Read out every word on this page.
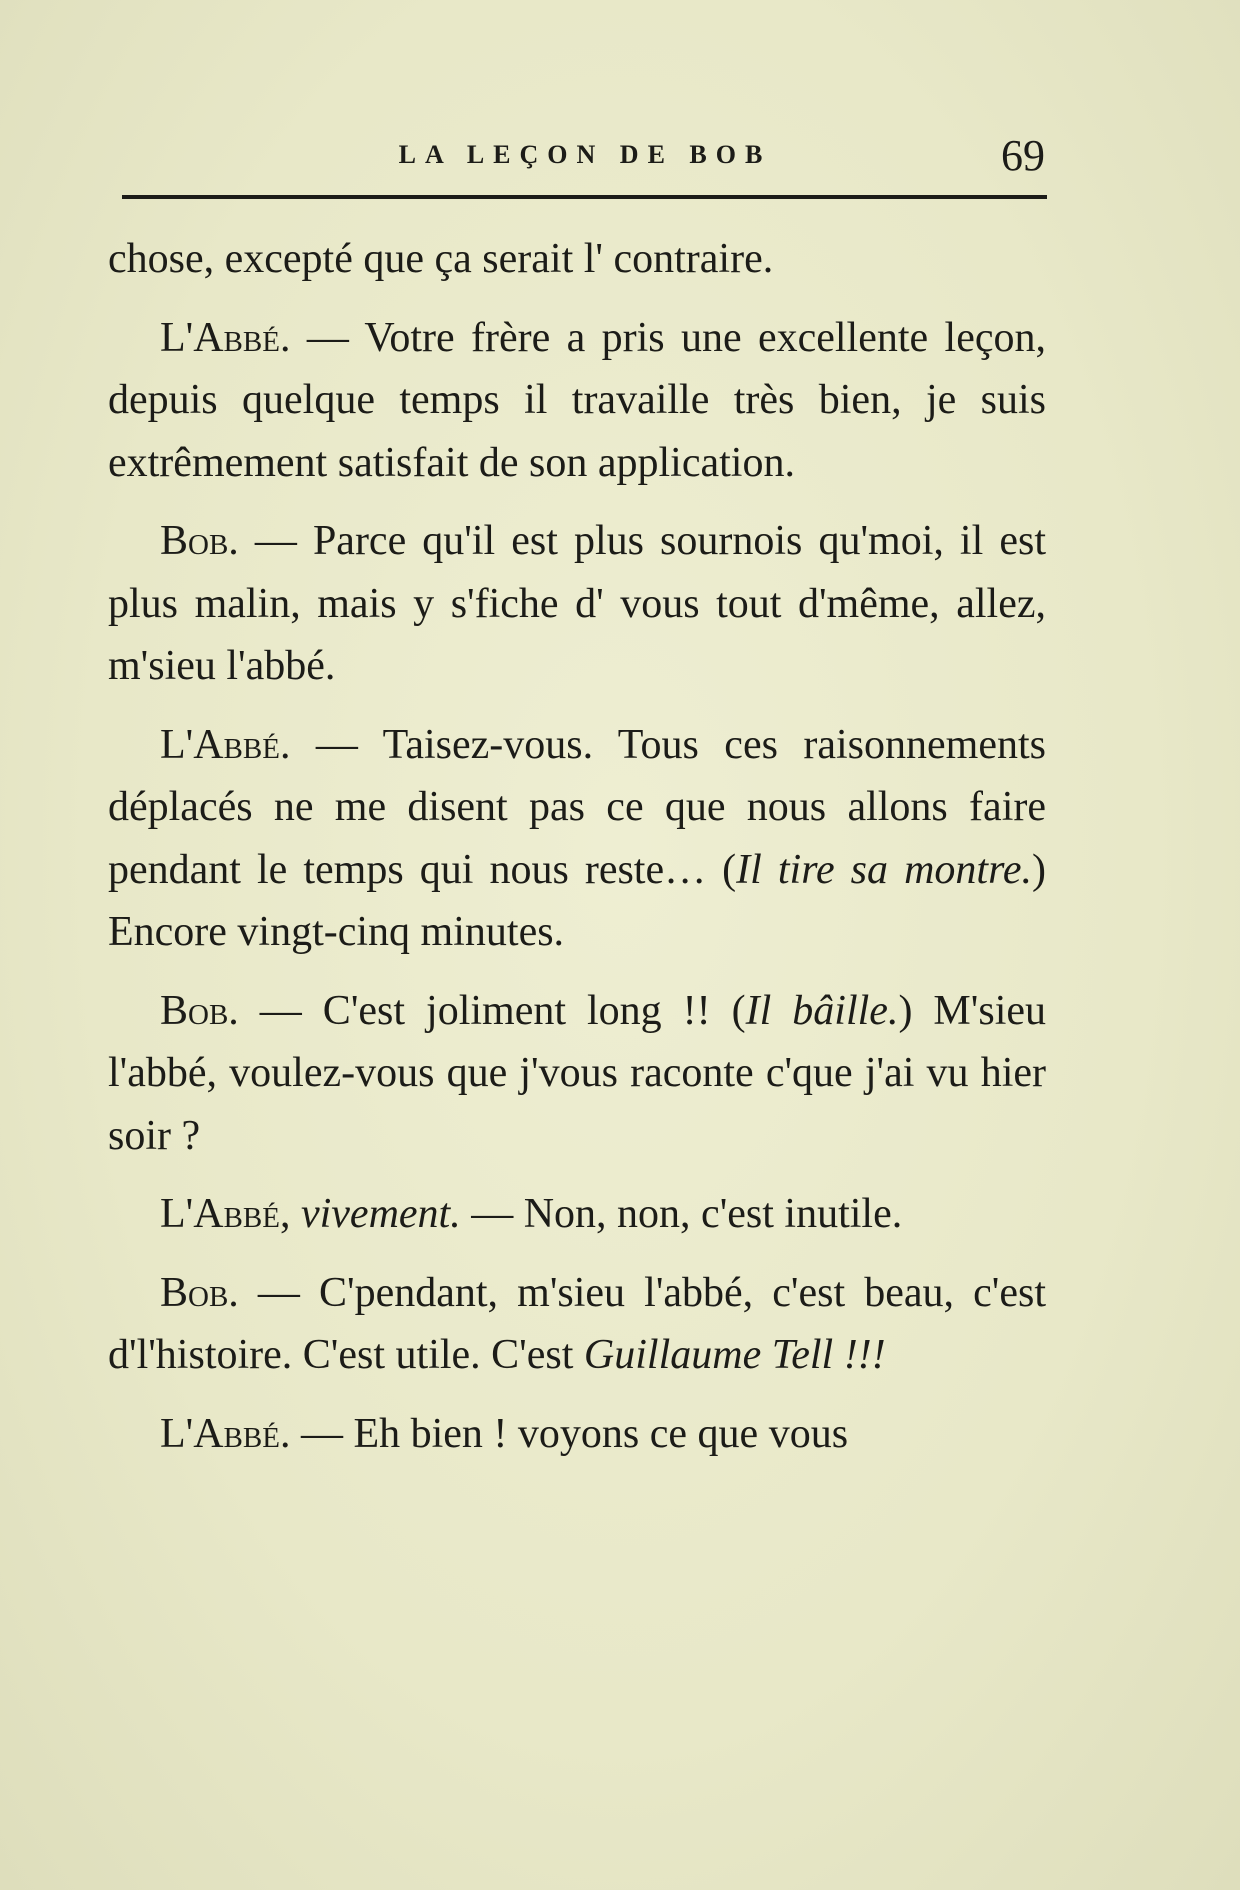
LA LEÇON DE BOB	69

chose, excepté que ça serait l' contraire.

L'Abbé. — Votre frère a pris une excellente leçon, depuis quelque temps il travaille très bien, je suis extrêmement satisfait de son application.

Bob. — Parce qu'il est plus sournois qu'moi, il est plus malin, mais y s'fiche d' vous tout d'même, allez, m'sieu l'abbé.

L'Abbé. — Taisez-vous. Tous ces raisonnements déplacés ne me disent pas ce que nous allons faire pendant le temps qui nous reste… (Il tire sa montre.) Encore vingt-cinq minutes.

Bob. — C'est joliment long !! (Il bâille.) M'sieu l'abbé, voulez-vous que j'vous raconte c'que j'ai vu hier soir ?

L'Abbé, vivement. — Non, non, c'est inutile.

Bob. — C'pendant, m'sieu l'abbé, c'est beau, c'est d'l'histoire. C'est utile. C'est Guillaume Tell !!!

L'Abbé. — Eh bien ! voyons ce que vous
